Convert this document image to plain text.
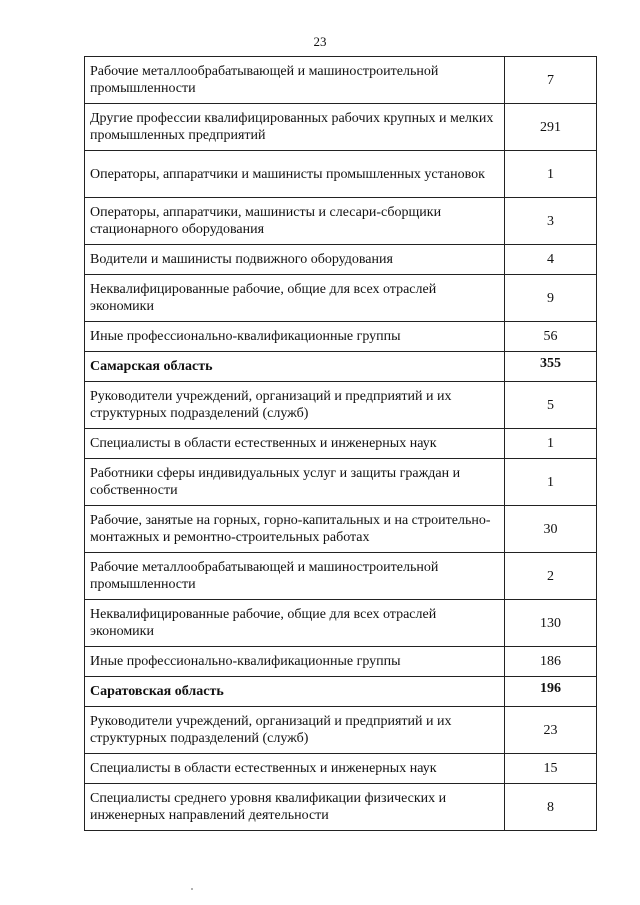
23
Рабочие металлообрабатывающей и машиностроительной промышленности	7
Другие профессии квалифицированных рабочих крупных и мелких промышленных предприятий	291
Операторы, аппаратчики и машинисты промышленных установок	1
Операторы, аппаратчики, машинисты и слесари-сборщики стационарного оборудования	3
Водители и машинисты подвижного оборудования	4
Неквалифицированные рабочие, общие для всех отраслей экономики	9
Иные профессионально-квалификационные группы	56
Самарская область	355
Руководители учреждений, организаций и предприятий и их структурных подразделений (служб)	5
Специалисты в области естественных и инженерных наук	1
Работники сферы индивидуальных услуг и защиты граждан и собственности	1
Рабочие, занятые на горных, горно-капитальных и на строительно-монтажных и ремонтно-строительных работах	30
Рабочие металлообрабатывающей и машиностроительной промышленности	2
Неквалифицированные рабочие, общие для всех отраслей экономики	130
Иные профессионально-квалификационные группы	186
Саратовская область	196
Руководители учреждений, организаций и предприятий и их структурных подразделений (служб)	23
Специалисты в области естественных и инженерных наук	15
Специалисты среднего уровня квалификации физических и инженерных направлений деятельности	8
